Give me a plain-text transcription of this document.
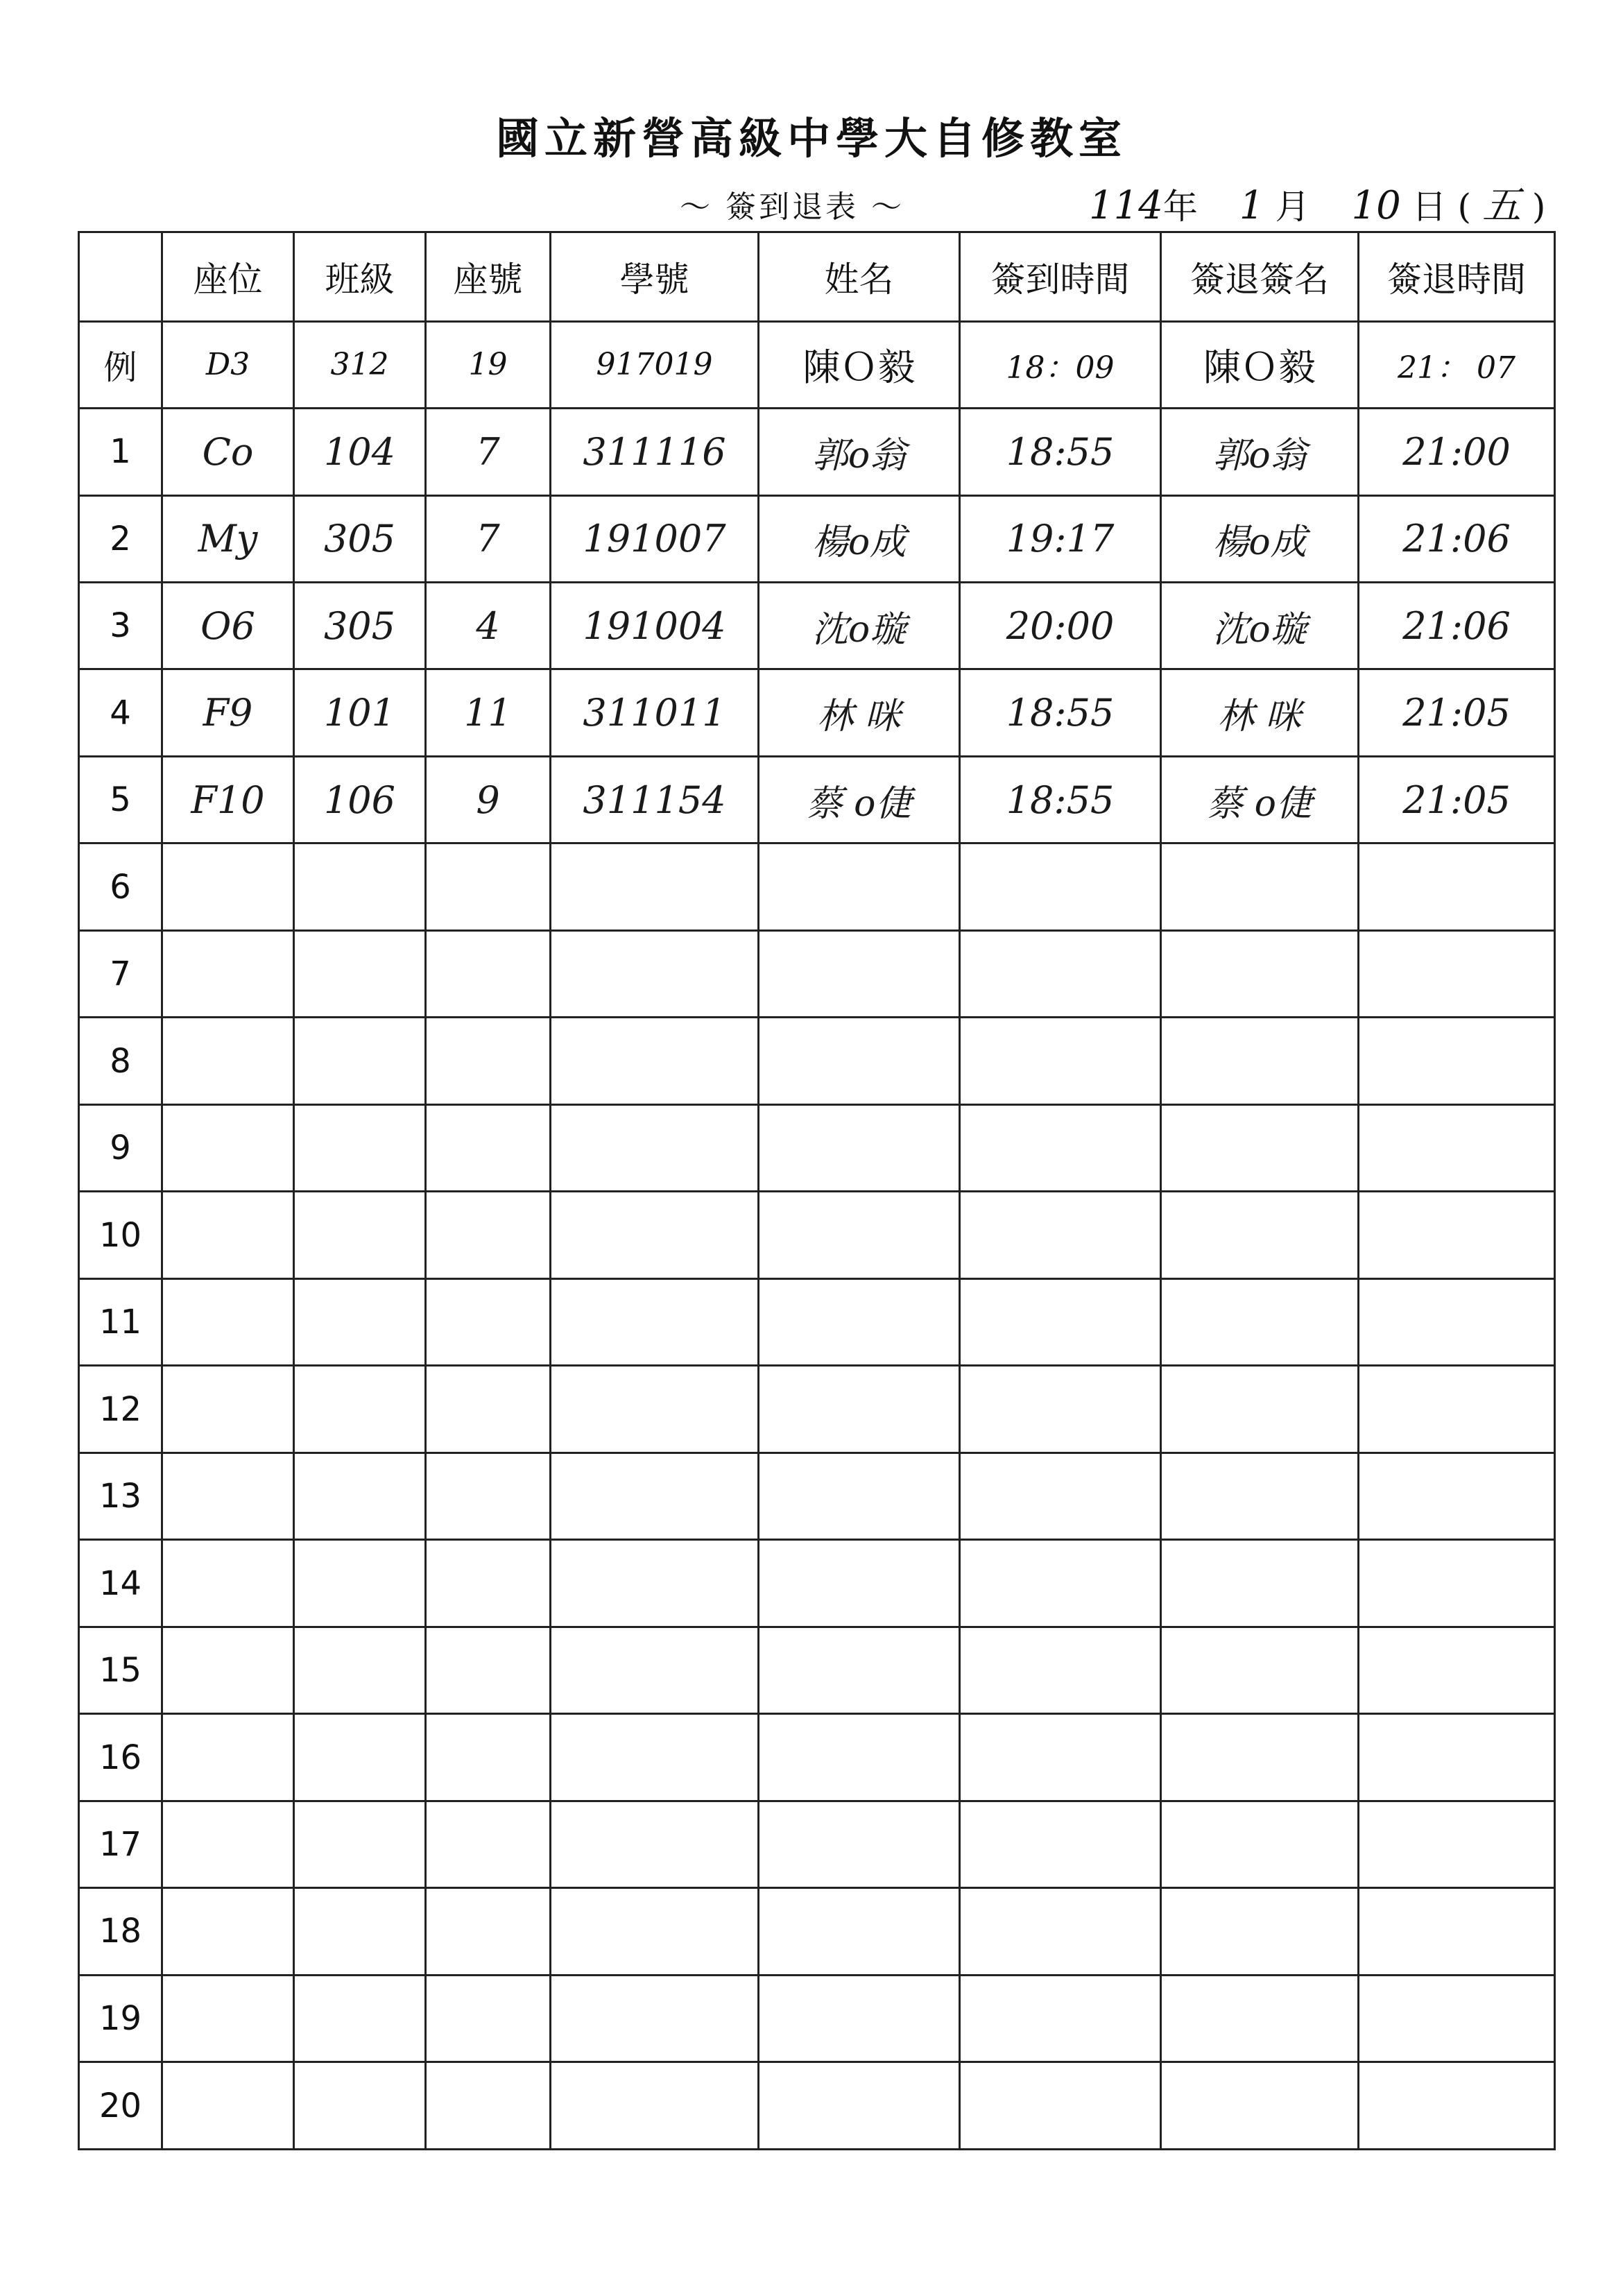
國立新營高級中學大自修教室
～ 簽到退表 ～	114年 1 月 10 日 ( 五 )
	座位	班級	座號	學號	姓名	簽到時間	簽退簽名	簽退時間
例	D3	312	19	917019	陳Ｏ毅	18：09	陳Ｏ毅	21： 07
1	Co	104	7	311116	郭o翁	18:55	郭o翁	21:00
2	My	305	7	191007	楊o成	19:17	楊o成	21:06
3	O6	305	4	191004	沈o璇	20:00	沈o璇	21:06
4	F9	101	11	311011	林 咪	18:55	林 咪	21:05
5	F10	106	9	311154	蔡 o倢	18:55	蔡 o倢	21:05
6								
7								
8								
9								
10								
11								
12								
13								
14								
15								
16								
17								
18								
19								
20								
